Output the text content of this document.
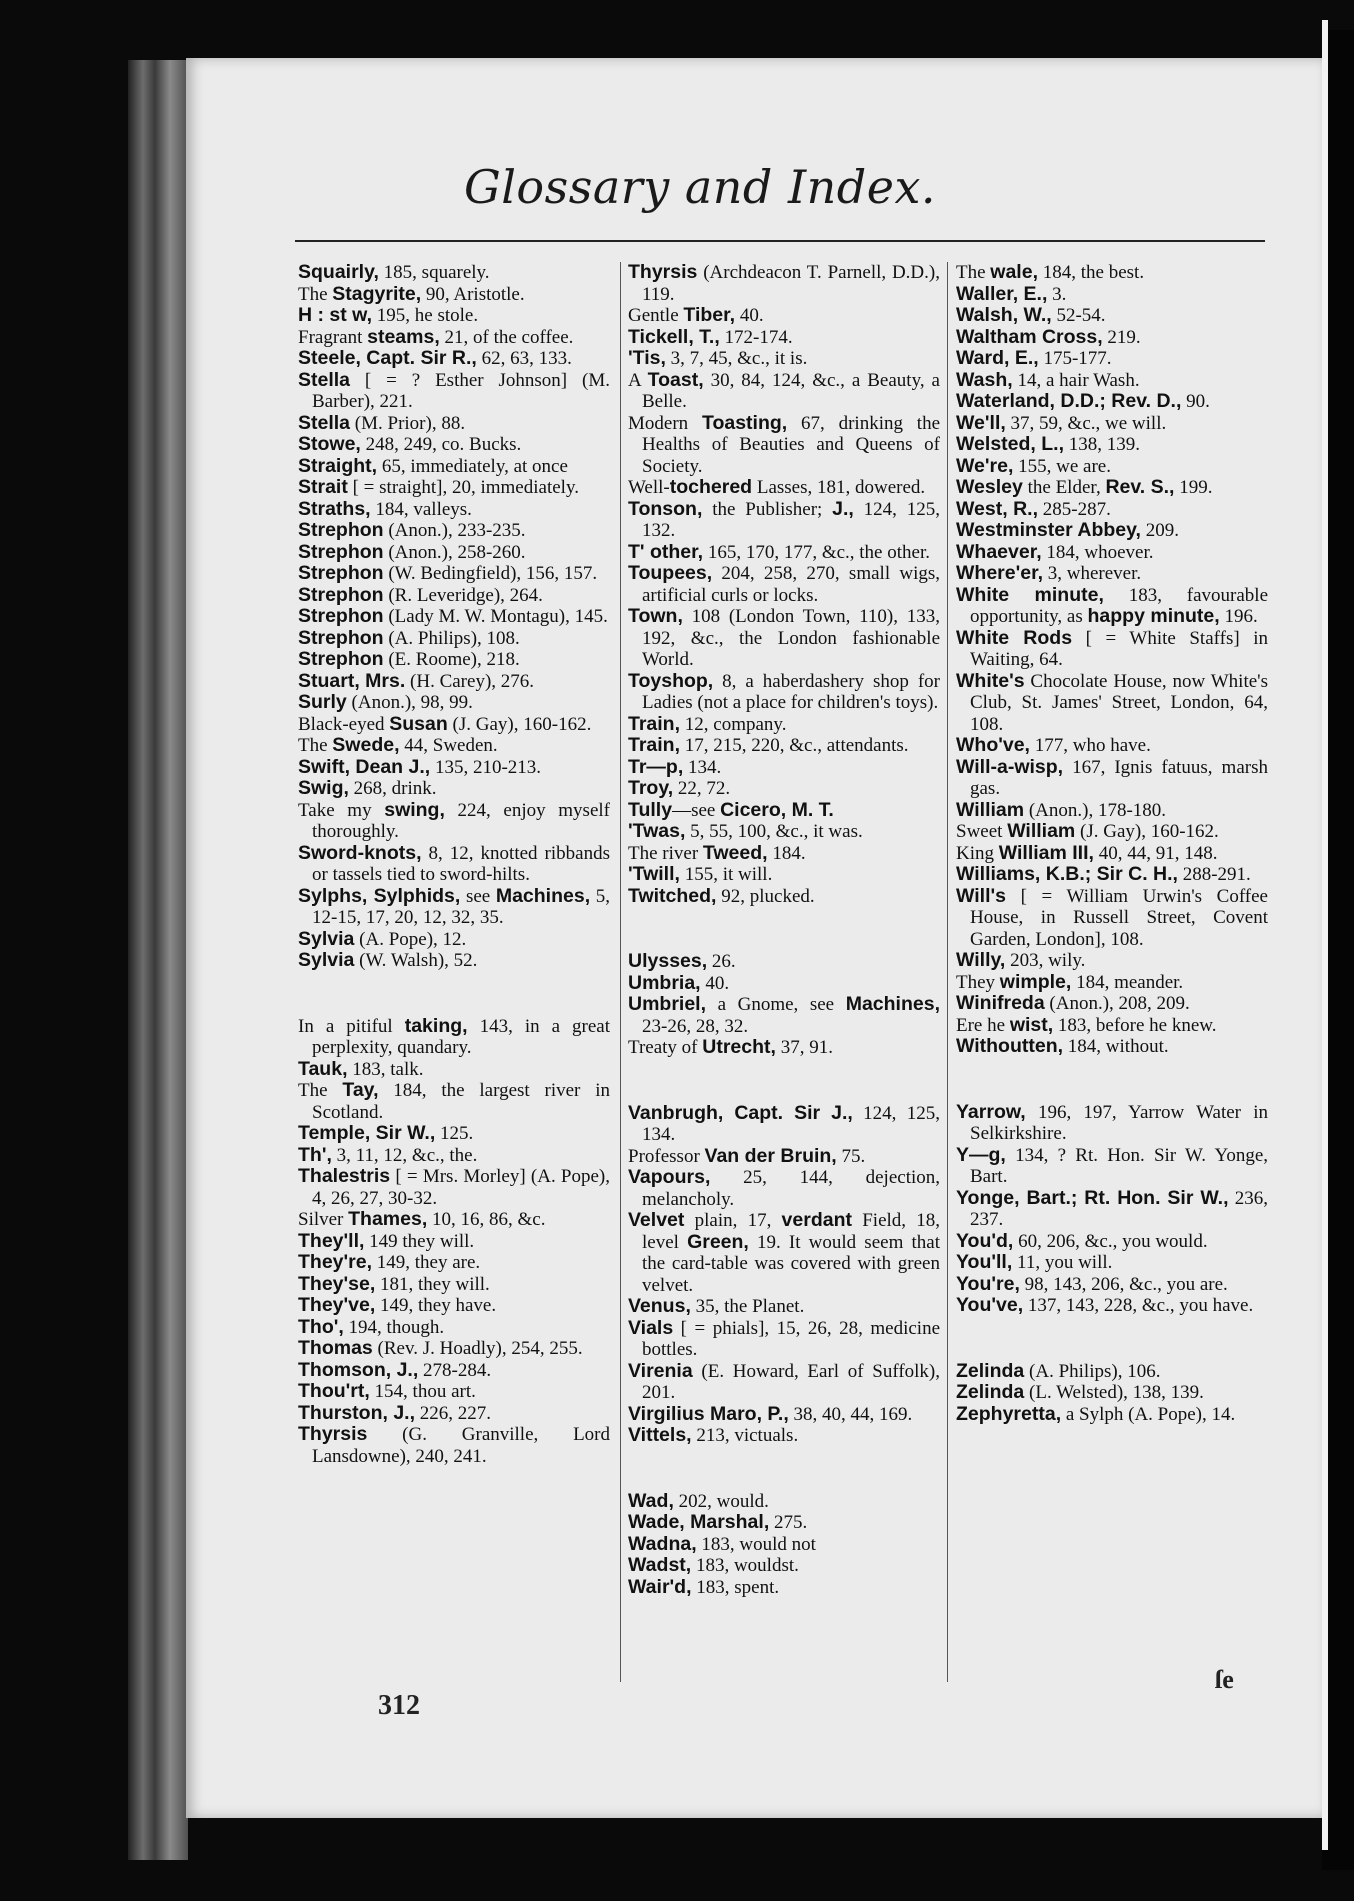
Glossary and Index.

Squairly, 185, squarely.

The Stagyrite, 90, Aristotle.

H : st w, 195, he stole.

Fragrant steams, 21, of the coffee.

Steele, Capt. Sir R., 62, 63, 133.

Stella [ = ? Esther Johnson] (M. Barber), 221.

Stella (M. Prior), 88.

Stowe, 248, 249, co. Bucks.

Straight, 65, immediately, at once

Strait [ = straight], 20, immediately.

Straths, 184, valleys.

Strephon (Anon.), 233-235.

Strephon (Anon.), 258-260.

Strephon (W. Bedingfield), 156, 157.

Strephon (R. Leveridge), 264.

Strephon (Lady M. W. Montagu), 145.

Strephon (A. Philips), 108.

Strephon (E. Roome), 218.

Stuart, Mrs. (H. Carey), 276.

Surly (Anon.), 98, 99.

Black-eyed Susan (J. Gay), 160-162.

The Swede, 44, Sweden.

Swift, Dean J., 135, 210-213.

Swig, 268, drink.

Take my swing, 224, enjoy myself thoroughly.

Sword-knots, 8, 12, knotted ribbands or tassels tied to sword-hilts.

Sylphs, Sylphids, see Machines, 5, 12-15, 17, 20, 12, 32, 35.

Sylvia (A. Pope), 12.

Sylvia (W. Walsh), 52.

In a pitiful taking, 143, in a great perplexity, quandary.

Tauk, 183, talk.

The Tay, 184, the largest river in Scotland.

Temple, Sir W., 125.

Th', 3, 11, 12, &c., the.

Thalestris [ = Mrs. Morley] (A. Pope), 4, 26, 27, 30-32.

Silver Thames, 10, 16, 86, &c.

They'll, 149 they will.

They're, 149, they are.

They'se, 181, they will.

They've, 149, they have.

Tho', 194, though.

Thomas (Rev. J. Hoadly), 254, 255.

Thomson, J., 278-284.

Thou'rt, 154, thou art.

Thurston, J., 226, 227.

Thyrsis (G. Granville, Lord Lansdowne), 240, 241.

Thyrsis (Archdeacon T. Parnell, D.D.), 119.

Gentle Tiber, 40.

Tickell, T., 172-174.

'Tis, 3, 7, 45, &c., it is.

A Toast, 30, 84, 124, &c., a Beauty, a Belle.

Modern Toasting, 67, drinking the Healths of Beauties and Queens of Society.

Well-tochered Lasses, 181, dowered.

Tonson, the Publisher; J., 124, 125, 132.

T' other, 165, 170, 177, &c., the other.

Toupees, 204, 258, 270, small wigs, artificial curls or locks.

Town, 108 (London Town, 110), 133, 192, &c., the London fashionable World.

Toyshop, 8, a haberdashery shop for Ladies (not a place for children's toys).

Train, 12, company.

Train, 17, 215, 220, &c., attendants.

Tr—p, 134.

Troy, 22, 72.

Tully—see Cicero, M. T.

'Twas, 5, 55, 100, &c., it was.

The river Tweed, 184.

'Twill, 155, it will.

Twitched, 92, plucked.

Ulysses, 26.

Umbria, 40.

Umbriel, a Gnome, see Machines, 23-26, 28, 32.

Treaty of Utrecht, 37, 91.

Vanbrugh, Capt. Sir J., 124, 125, 134.

Professor Van der Bruin, 75.

Vapours, 25, 144, dejection, melancholy.

Velvet plain, 17, verdant Field, 18, level Green, 19. It would seem that the card-table was covered with green velvet.

Venus, 35, the Planet.

Vials [ = phials], 15, 26, 28, medicine bottles.

Virenia (E. Howard, Earl of Suffolk), 201.

Virgilius Maro, P., 38, 40, 44, 169.

Vittels, 213, victuals.

Wad, 202, would.

Wade, Marshal, 275.

Wadna, 183, would not

Wadst, 183, wouldst.

Wair'd, 183, spent.

The wale, 184, the best.

Waller, E., 3.

Walsh, W., 52-54.

Waltham Cross, 219.

Ward, E., 175-177.

Wash, 14, a hair Wash.

Waterland, D.D.; Rev. D., 90.

We'll, 37, 59, &c., we will.

Welsted, L., 138, 139.

We're, 155, we are.

Wesley the Elder, Rev. S., 199.

West, R., 285-287.

Westminster Abbey, 209.

Whaever, 184, whoever.

Where'er, 3, wherever.

White minute, 183, favourable opportunity, as happy minute, 196.

White Rods [ = White Staffs] in Waiting, 64.

White's Chocolate House, now White's Club, St. James' Street, London, 64, 108.

Who've, 177, who have.

Will-a-wisp, 167, Ignis fatuus, marsh gas.

William (Anon.), 178-180.

Sweet William (J. Gay), 160-162.

King William III, 40, 44, 91, 148.

Williams, K.B.; Sir C. H., 288-291.

Will's [ = William Urwin's Coffee House, in Russell Street, Covent Garden, London], 108.

Willy, 203, wily.

They wimple, 184, meander.

Winifreda (Anon.), 208, 209.

Ere he wist, 183, before he knew.

Withoutten, 184, without.

Yarrow, 196, 197, Yarrow Water in Selkirkshire.

Y—g, 134, ? Rt. Hon. Sir W. Yonge, Bart.

Yonge, Bart.; Rt. Hon. Sir W., 236, 237.

You'd, 60, 206, &c., you would.

You'll, 11, you will.

You're, 98, 143, 206, &c., you are.

You've, 137, 143, 228, &c., you have.

Zelinda (A. Philips), 106.

Zelinda (L. Welsted), 138, 139.

Zephyretta, a Sylph (A. Pope), 14.

312
ſe
